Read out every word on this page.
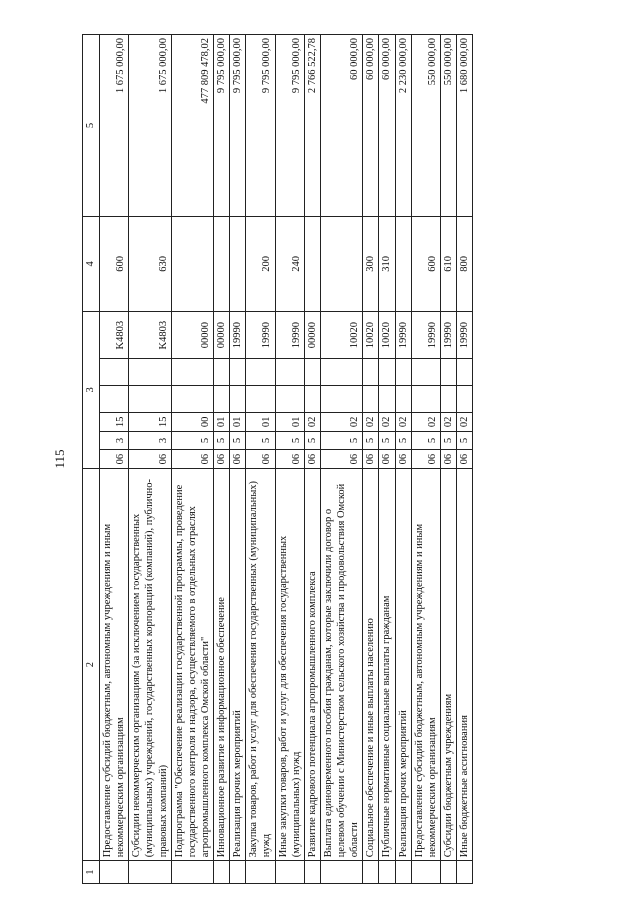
115
1	2	3						4	5
	Предоставление субсидий бюджетным, автономным учреждениям и иным некоммерческим организациям	06	3	15			K4803	600	1 675 000,00
	Субсидии некоммерческим организациям (за исключением государственных (муниципальных) учреждений, государственных корпораций (компаний), публично-правовых компаний)	06	3	15			K4803	630	1 675 000,00
	Подпрограмма "Обеспечение реализации государственной программы, проведение государственного контроля и надзора, осуществляемого в отдельных отраслях агропромышленного комплекса Омской области"	06	5	00			00000		477 809 478,02
	Инновационное развитие и информационное обеспечение	06	5	01			00000		9 795 000,00
	Реализация прочих мероприятий	06	5	01			19990		9 795 000,00
	Закупка товаров, работ и услуг для обеспечения государственных (муниципальных) нужд	06	5	01			19990	200	9 795 000,00
	Иные закупки товаров, работ и услуг для обеспечения государственных (муниципальных) нужд	06	5	01			19990	240	9 795 000,00
	Развитие кадрового потенциала агропромышленного комплекса	06	5	02			00000		2 766 522,78
	Выплата единовременного пособия гражданам, которые заключили договор о целевом обучении с Министерством сельского хозяйства и продовольствия Омской области	06	5	02			10020		60 000,00
	Социальное обеспечение и иные выплаты населению	06	5	02			10020	300	60 000,00
	Публичные нормативные социальные выплаты гражданам	06	5	02			10020	310	60 000,00
	Реализация прочих мероприятий	06	5	02			19990		2 230 000,00
	Предоставление субсидий бюджетным, автономным учреждениям и иным некоммерческим организациям	06	5	02			19990	600	550 000,00
	Субсидии бюджетным учреждениям	06	5	02			19990	610	550 000,00
	Иные бюджетные ассигнования	06	5	02			19990	800	1 680 000,00
